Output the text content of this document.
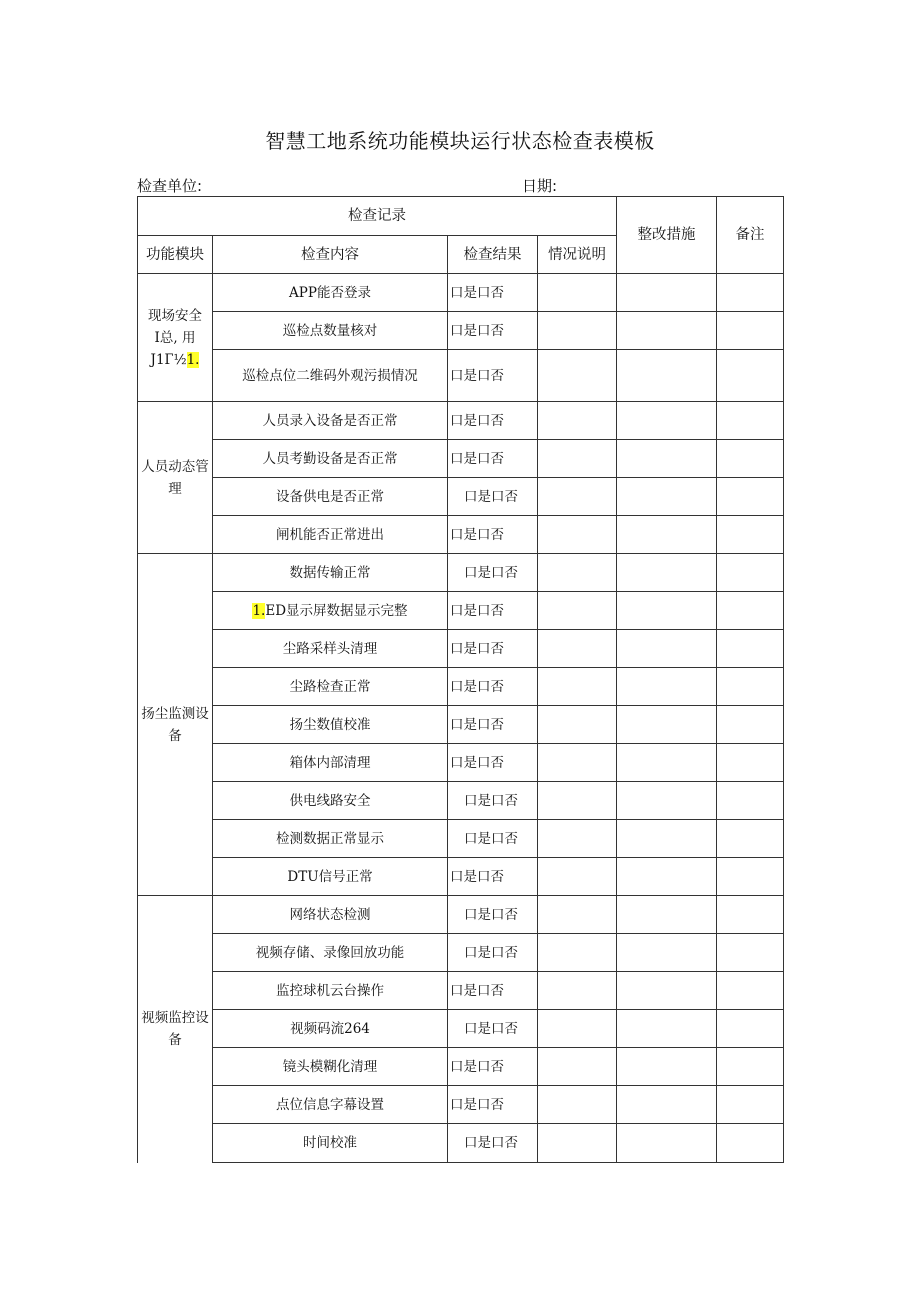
智慧工地系统功能模块运行状态检查表模板
检查单位:	日期:
检查记录				整改措施	备注
功能模块	检查内容	检查结果	情况说明		

现场安全
I总, 用
J1Г½1.	APP能否登录	口是口否			
	巡检点数量核对	口是口否			
	巡检点位二维码外观污损情况	口是口否			

人员动态管
理	人员录入设备是否正常	口是口否			
	人员考勤设备是否正常	口是口否			
	设备供电是否正常	口是口否			
	闸机能否正常进出	口是口否			

扬尘监测设
备	数据传输正常	口是口否			
	1.ED显示屏数据显示完整	口是口否			
	尘路采样头清理	口是口否			
	尘路检查正常	口是口否			
	扬尘数值校准	口是口否			
	箱体内部清理	口是口否			
	供电线路安全	口是口否			
	检测数据正常显示	口是口否			
	DTU信号正常	口是口否			

视频监控设
备	网络状态检测	口是口否			
	视频存储、录像回放功能	口是口否			
	监控球机云台操作	口是口否			
	视频码流264	口是口否			
	镜头模糊化清理	口是口否			
	点位信息字幕设置	口是口否			
	时间校准	口是口否			
